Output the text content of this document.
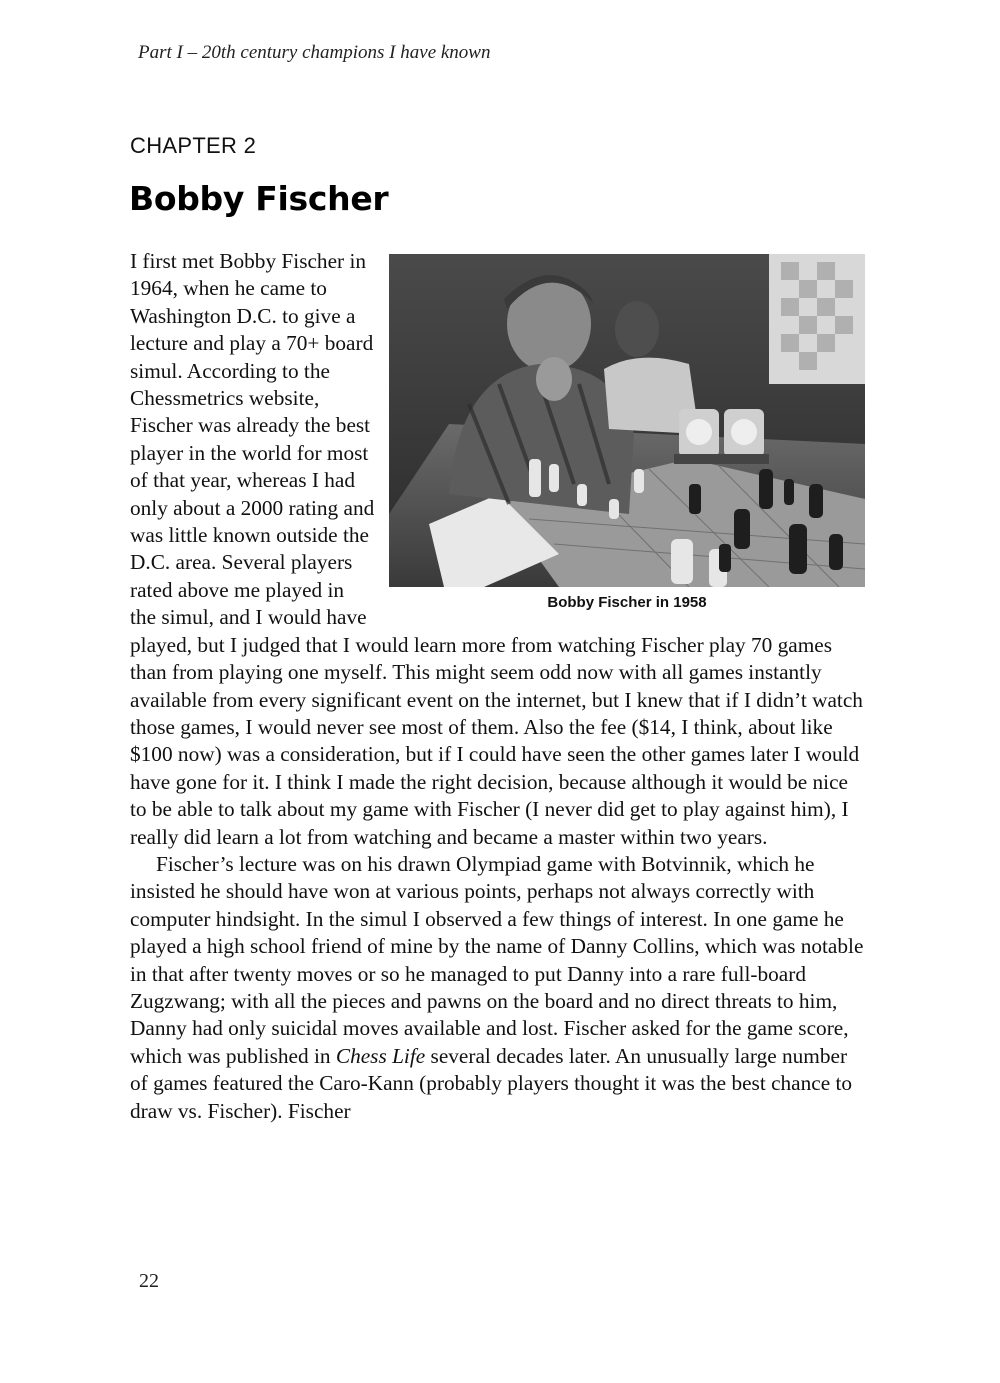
Part I – 20th century champions I have known
CHAPTER 2
Bobby Fischer
Bobby Fischer in 1958

I first met Bobby Fischer in 1964, when he came to Washington D.C. to give a lecture and play a 70+ board simul. According to the Chessmetrics website, Fischer was already the best player in the world for most of that year, whereas I had only about a 2000 rating and was little known outside the D.C. area. Several players rated above me played in the simul, and I would have played, but I judged that I would learn more from watching Fischer play 70 games than from playing one myself. This might seem odd now with all games instantly available from every significant event on the internet, but I knew that if I didn’t watch those games, I would never see most of them. Also the fee ($14, I think, about like $100 now) was a consideration, but if I could have seen the other games later I would have gone for it. I think I made the right decision, because although it would be nice to be able to talk about my game with Fischer (I never did get to play against him), I really did learn a lot from watching and became a master within two years.

Fischer’s lecture was on his drawn Olympiad game with Botvinnik, which he insisted he should have won at various points, perhaps not always correctly with computer hindsight. In the simul I observed a few things of interest. In one game he played a high school friend of mine by the name of Danny Collins, which was notable in that after twenty moves or so he managed to put Danny into a rare full-board Zugzwang; with all the pieces and pawns on the board and no direct threats to him, Danny had only suicidal moves available and lost. Fischer asked for the game score, which was published in Chess Life several decades later. An unusually large number of games featured the Caro-Kann (probably players thought it was the best chance to draw vs. Fischer). Fischer

22
